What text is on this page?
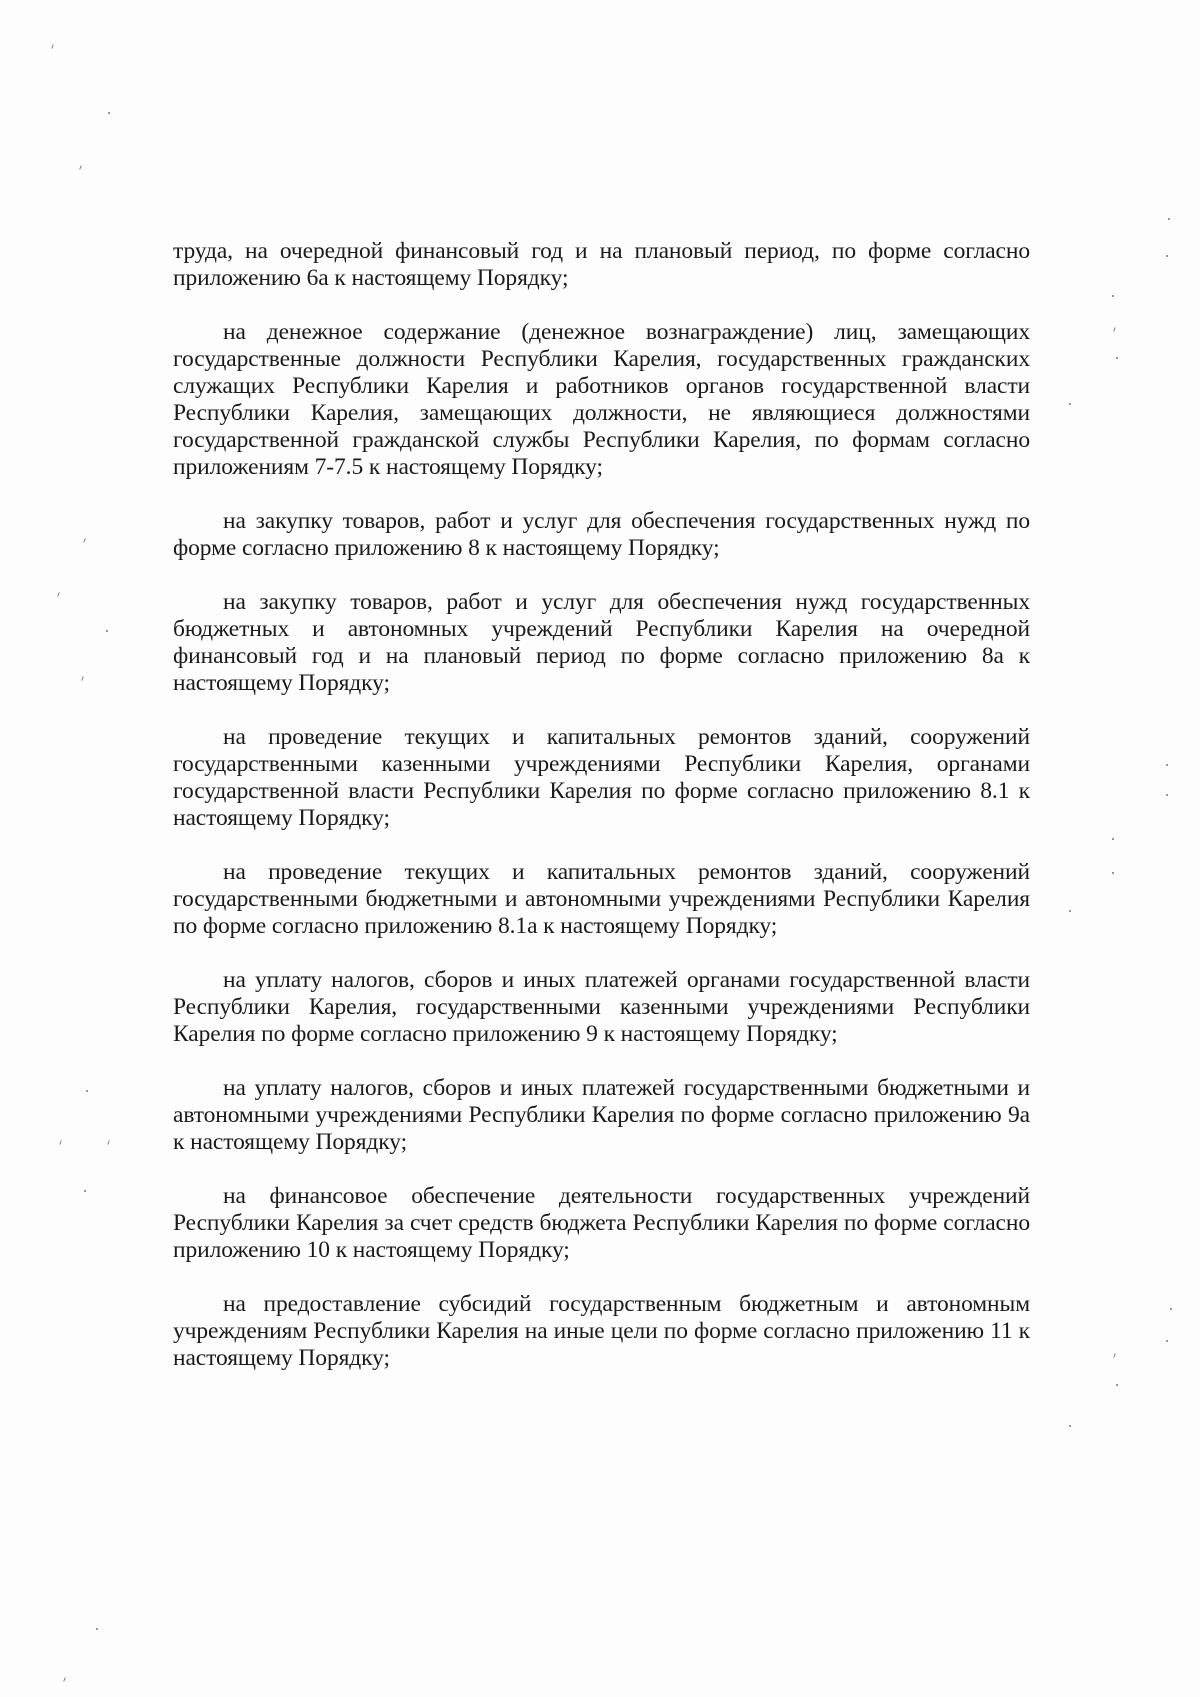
труда, на очередной финансовый год и на плановый период, по форме согласно приложению 6а к настоящему Порядку;

на денежное содержание (денежное вознаграждение) лиц, замещающих государственные должности Республики Карелия, государственных гражданских служащих Республики Карелия и работников органов государственной власти Республики Карелия, замещающих должности, не являющиеся должностями государственной гражданской службы Республики Карелия, по формам согласно приложениям 7-7.5 к настоящему Порядку;

на закупку товаров, работ и услуг для обеспечения государственных нужд по форме согласно приложению 8 к настоящему Порядку;

на закупку товаров, работ и услуг для обеспечения нужд государственных бюджетных и автономных учреждений Республики Карелия на очередной финансовый год и на плановый период по форме согласно приложению 8а к настоящему Порядку;

на проведение текущих и капитальных ремонтов зданий, сооружений государственными казенными учреждениями Республики Карелия, органами государственной власти Республики Карелия по форме согласно приложению 8.1 к настоящему Порядку;

на проведение текущих и капитальных ремонтов зданий, сооружений государственными бюджетными и автономными учреждениями Республики Карелия по форме согласно приложению 8.1а к настоящему Порядку;

на уплату налогов, сборов и иных платежей органами государственной власти Республики Карелия, государственными казенными учреждениями Республики Карелия по форме согласно приложению 9 к настоящему Порядку;

на уплату налогов, сборов и иных платежей государственными бюджетными и автономными учреждениями Республики Карелия по форме согласно приложению 9а к настоящему Порядку;

на финансовое обеспечение деятельности государственных учреждений Республики Карелия за счет средств бюджета Республики Карелия по форме согласно приложению 10 к настоящему Порядку;

на предоставление субсидий государственным бюджетным и автономным учреждениям Республики Карелия на иные цели по форме согласно приложению 11 к настоящему Порядку;
